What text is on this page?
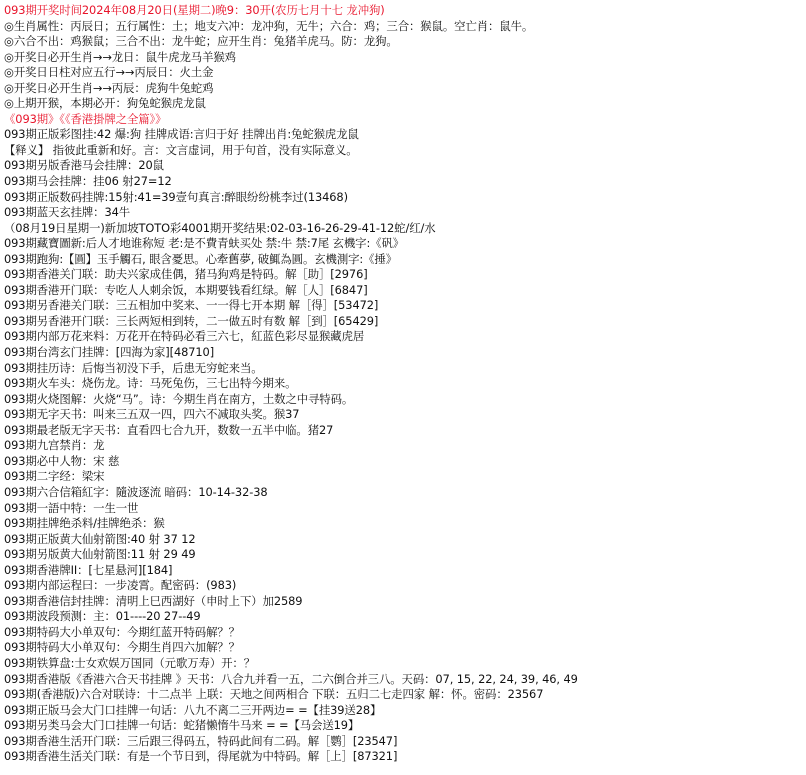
093期开奖时间2024年08月20日(星期二)晚9：30开(农历七月十七 龙冲狗)
◎生肖属性：丙辰日；五行属性：土；地支六冲：龙冲狗，无牛；六合：鸡；三合：猴鼠。空亡肖：鼠牛。
◎六合不出：鸡猴鼠；三合不出：龙牛蛇；应开生肖：兔猪羊虎马。防：龙狗。
◎开奖日必开生肖→→龙日：鼠牛虎龙马羊猴鸡
◎开奖日日柱对应五行→→丙辰日：火土金
◎开奖日必开生肖→→丙辰：虎狗牛兔蛇鸡
◎上期开猴，本期必开：狗兔蛇猴虎龙鼠
《093期》《《香港掛牌之全篇》》
093期正版彩图挂:42 爆:狗 挂牌成语:言归于好 挂牌出肖:兔蛇猴虎龙鼠
【释义】 指彼此重新和好。言：文言虚词，用于句首，没有实际意义。
093期另版香港马会挂牌：20鼠
093期马会挂牌：挂06 射27=12
093期正版数码挂牌:15射:41=39壹句真言:醉眼纷纷桃李过(13468)
093期蓝天玄挂牌：34牛
（08月19日星期一)新加坡TOTO彩4001期开奖结果:02-03-16-26-29-41-12蛇/红/水
093期藏寶圖新:后人才地谁称短 老:是不費青蚨买处 禁:牛 禁:7尾 玄機字:《矾》
093期跑狗:【圓】玉手觸石, 眼含憂思。心牽舊夢, 破鮿為圓。玄機測字:《捶》
093期香港关门联：助夫兴家成佳偶，猪马狗鸡是特码。解［助］[2976]
093期香港开门联：专吃人人刺余饭，本期要钱看红绿。解［人］[6847]
093期另香港关门联：三五相加中奖来、一一得七开本期 解［得］[53472]
093期另香港开门联：三长两短相到转，二一做五时有数 解［到］[65429]
093期内部万花来料：万花开在特码必看三六七，紅蓝色彩尽显猴藏虎居
093期台湾玄门挂牌：[四海为家][48710]
093期挂历诗：后悔当初没下手，后患无穷蛇来当。
093期火车头：烧伤龙。诗：马死兔伤，三七出特今期来。
093期火烧图解：火烧“马”。诗：今期生肖在南方，土数之中寻特码。
093期无字天书：叫来三五双一四，四六不减取头奖。猴37
093期最老版无字天书：直看四七合九开，数数一五半中临。猪27
093期九宫禁肖：龙
093期必中人物：宋 慈
093期二字经：梁宋
093期六合信箱紅字：隨波逐流 暗码：10-14-32-38
093期一語中特：一生一世
093期挂牌绝杀料/挂牌绝杀：猴
093期正版黄大仙射箭图:40 射 37 12
093期另版黄大仙射箭图:11 射 29 49
093期香港牌II：[七星悬河][184]
093期内部运程曰：一步凌霄。配密码：(983)
093期香港信封挂牌：清明上巳西湖好（申时上下）加2589
093期波段预测：主：01----20 27--49
093期特码大小单双句：今期红蓝开特码解？？
093期特码大小单双句：今期生肖四六加解？？
093期铁算盘:士女欢娱万国同（元歌万寿）开：？
093期香港版《香港六合天书挂牌 》天书：八合九并看一五，二六倒合并三八。天码：07, 15, 22, 24, 39, 46, 49
093期(香港版)六合对联诗：十二点半 上联：天地之间两相合 下联：五归二七走四家 解：怀。密码：23567
093期正版马会大门口挂牌一句话：八九不离二三开两边= =【挂39送28】
093期另类马会大门口挂牌一句话：蛇猪懒惰牛马来 = =【马会送19】
093期香港生活开门联：三后跟三得码五，特码此间有二码。解［鹦］[23547]
093期香港生活关门联：有是一个节日到，得尾就为中特码。解［上］[87321]
